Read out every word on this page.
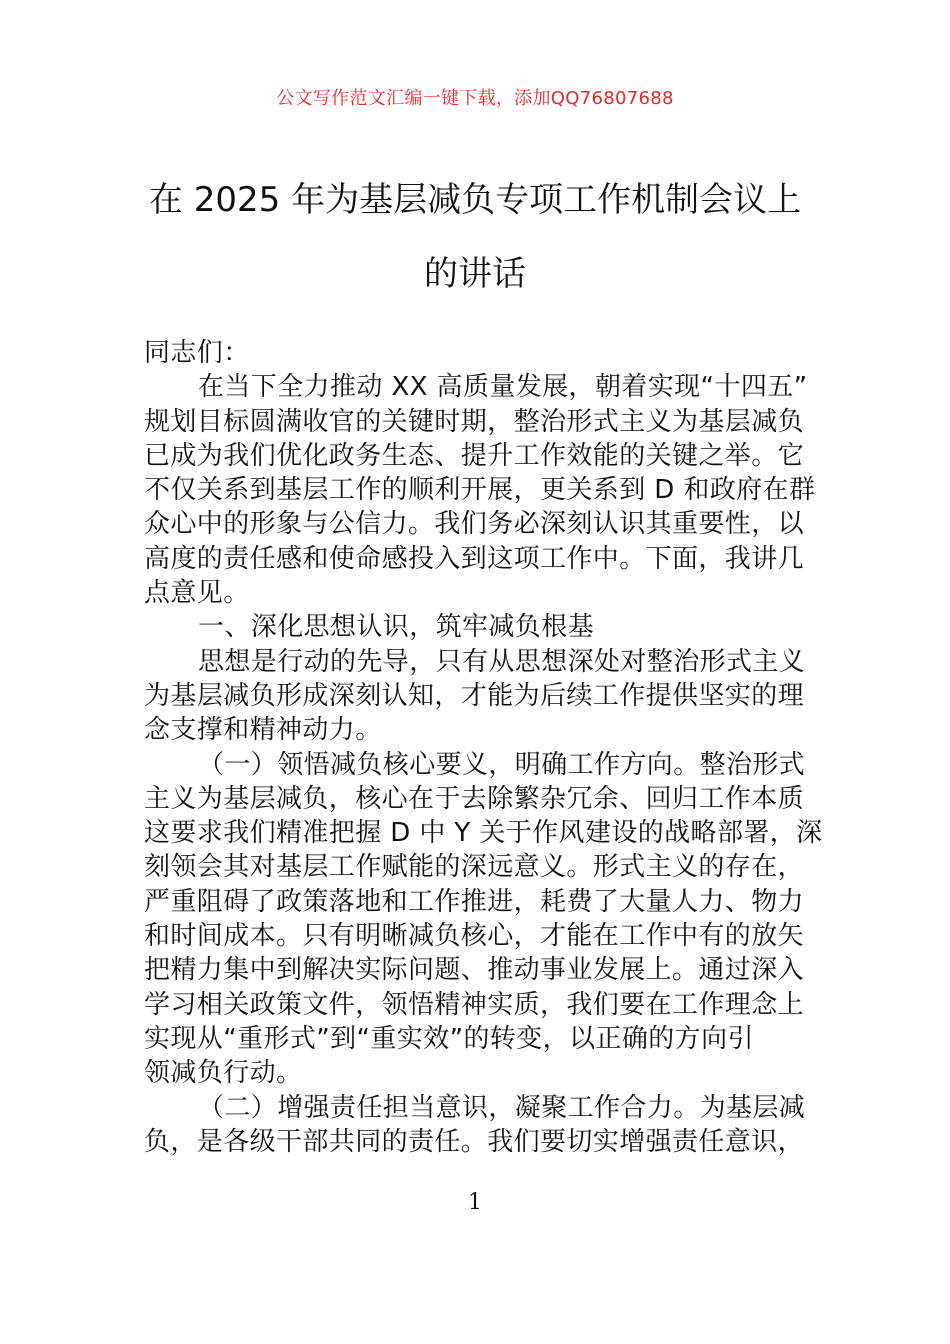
公文写作范文汇编一键下载，添加QQ76807688
在 2025 年为基层减负专项工作机制会议上
的讲话
同志们：
在当下全力推动 XX 高质量发展，朝着实现“十四五”
规划目标圆满收官的关键时期，整治形式主义为基层减负
已成为我们优化政务生态、提升工作效能的关键之举。它
不仅关系到基层工作的顺利开展，更关系到 D 和政府在群
众心中的形象与公信力。我们务必深刻认识其重要性，以
高度的责任感和使命感投入到这项工作中。下面，我讲几
点意见。
一、深化思想认识，筑牢减负根基
思想是行动的先导，只有从思想深处对整治形式主义
为基层减负形成深刻认知，才能为后续工作提供坚实的理
念支撑和精神动力。
（一）领悟减负核心要义，明确工作方向。整治形式
主义为基层减负，核心在于去除繁杂冗余、回归工作本质
这要求我们精准把握 D 中 Y 关于作风建设的战略部署，深
刻领会其对基层工作赋能的深远意义。形式主义的存在，
严重阻碍了政策落地和工作推进，耗费了大量人力、物力
和时间成本。只有明晰减负核心，才能在工作中有的放矢
把精力集中到解决实际问题、推动事业发展上。通过深入
学习相关政策文件，领悟精神实质，我们要在工作理念上
实现从“重形式”到“重实效”的转变，以正确的方向引
领减负行动。
（二）增强责任担当意识，凝聚工作合力。为基层减
负，是各级干部共同的责任。我们要切实增强责任意识，
1
